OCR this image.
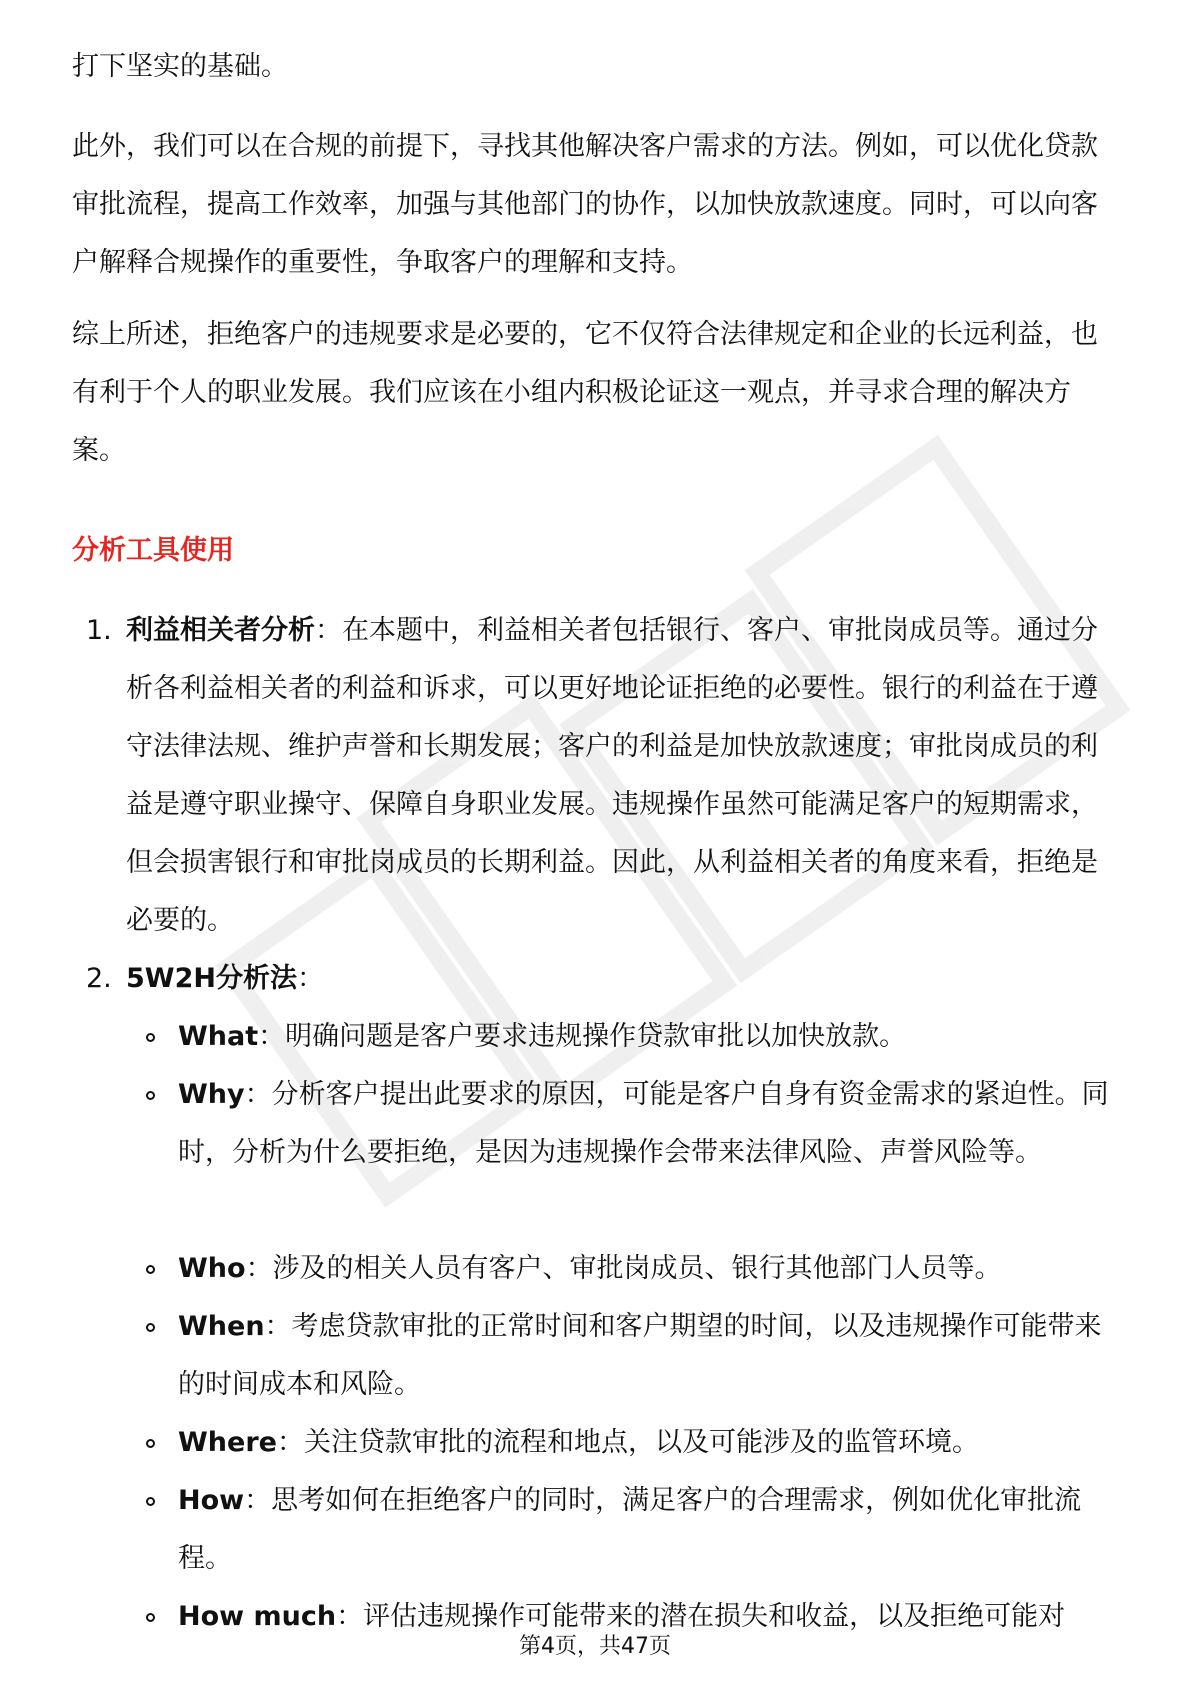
打下坚实的基础。

此外，我们可以在合规的前提下，寻找其他解决客户需求的方法。例如，可以优化贷款审批流程，提高工作效率，加强与其他部门的协作，以加快放款速度。同时，可以向客户解释合规操作的重要性，争取客户的理解和支持。

综上所述，拒绝客户的违规要求是必要的，它不仅符合法律规定和企业的长远利益，也有利于个人的职业发展。我们应该在小组内积极论证这一观点，并寻求合理的解决方案。

分析工具使用
1. 利益相关者分析：在本题中，利益相关者包括银行、客户、审批岗成员等。通过分析各利益相关者的利益和诉求，可以更好地论证拒绝的必要性。银行的利益在于遵守法律法规、维护声誉和长期发展；客户的利益是加快放款速度；审批岗成员的利益是遵守职业操守、保障自身职业发展。违规操作虽然可能满足客户的短期需求，但会损害银行和审批岗成员的长期利益。因此，从利益相关者的角度来看，拒绝是必要的。
2. 5W2H分析法：
What：明确问题是客户要求违规操作贷款审批以加快放款。
Why：分析客户提出此要求的原因，可能是客户自身有资金需求的紧迫性。同时，分析为什么要拒绝，是因为违规操作会带来法律风险、声誉风险等。
Who：涉及的相关人员有客户、审批岗成员、银行其他部门人员等。
When：考虑贷款审批的正常时间和客户期望的时间，以及违规操作可能带来的时间成本和风险。
Where：关注贷款审批的流程和地点，以及可能涉及的监管环境。
How：思考如何在拒绝客户的同时，满足客户的合理需求，例如优化审批流程。
How much：评估违规操作可能带来的潜在损失和收益，以及拒绝可能对
第4页，共47页
